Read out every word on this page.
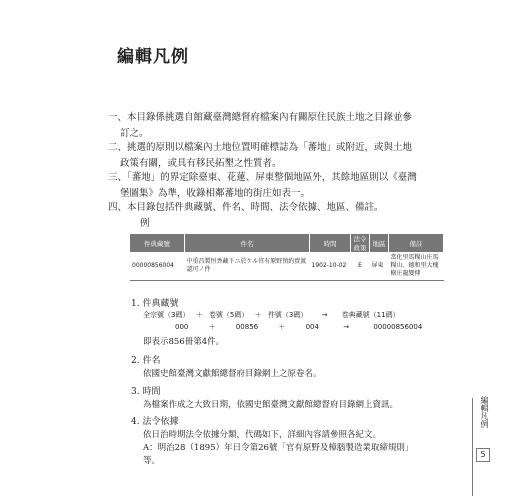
編輯凡例
一、本目錄係挑選自館藏臺灣總督府檔案內有關原住民族土地之目錄並參訂之。
二、挑選的原則以檔案內土地位置明確標誌為「蕃地」或附近，或與土地政策有關，或具有移民拓墾之性質者。
三、「蕃地」的界定除臺東、花蓮、屏東整個地區外，其餘地區則以《臺灣堡圖集》為準，收錄相鄰蕃地的街庄如表一。
四、本目錄包括件典藏號、件名、時間、法令依據、地區、備註。
例
件典藏號	件名	時間	法令政策	地區	備註
00000856004	中重昌製恒香藏下ニ於ケル官有原野預約賣渡認可ノ件	1902-10-02	E	屏東	當化里馬糧山庄馬糧山、德和里大槐樹庄龍變傳
1. 件典藏號
全宗號（3碼） ＋ 卷號（5碼） ＋ 件號（3碼） → 卷典藏號（11碼）
000	＋	00856	＋	004	→	00000856004
即表示856冊第4件。
2. 件名
依國史館臺灣文獻館總督府目錄網上之原卷名。
3. 時間
為檔案作成之大致日期，依國史館臺灣文獻館總督府目錄網上資訊。
4. 法令依據
依日治時期法令依據分類，代碼如下，詳細內容請參照各紀文。
A：明治28（1895）年日令第26號「官有原野及樟腦製造業取締規則」等。
編輯凡例
5
